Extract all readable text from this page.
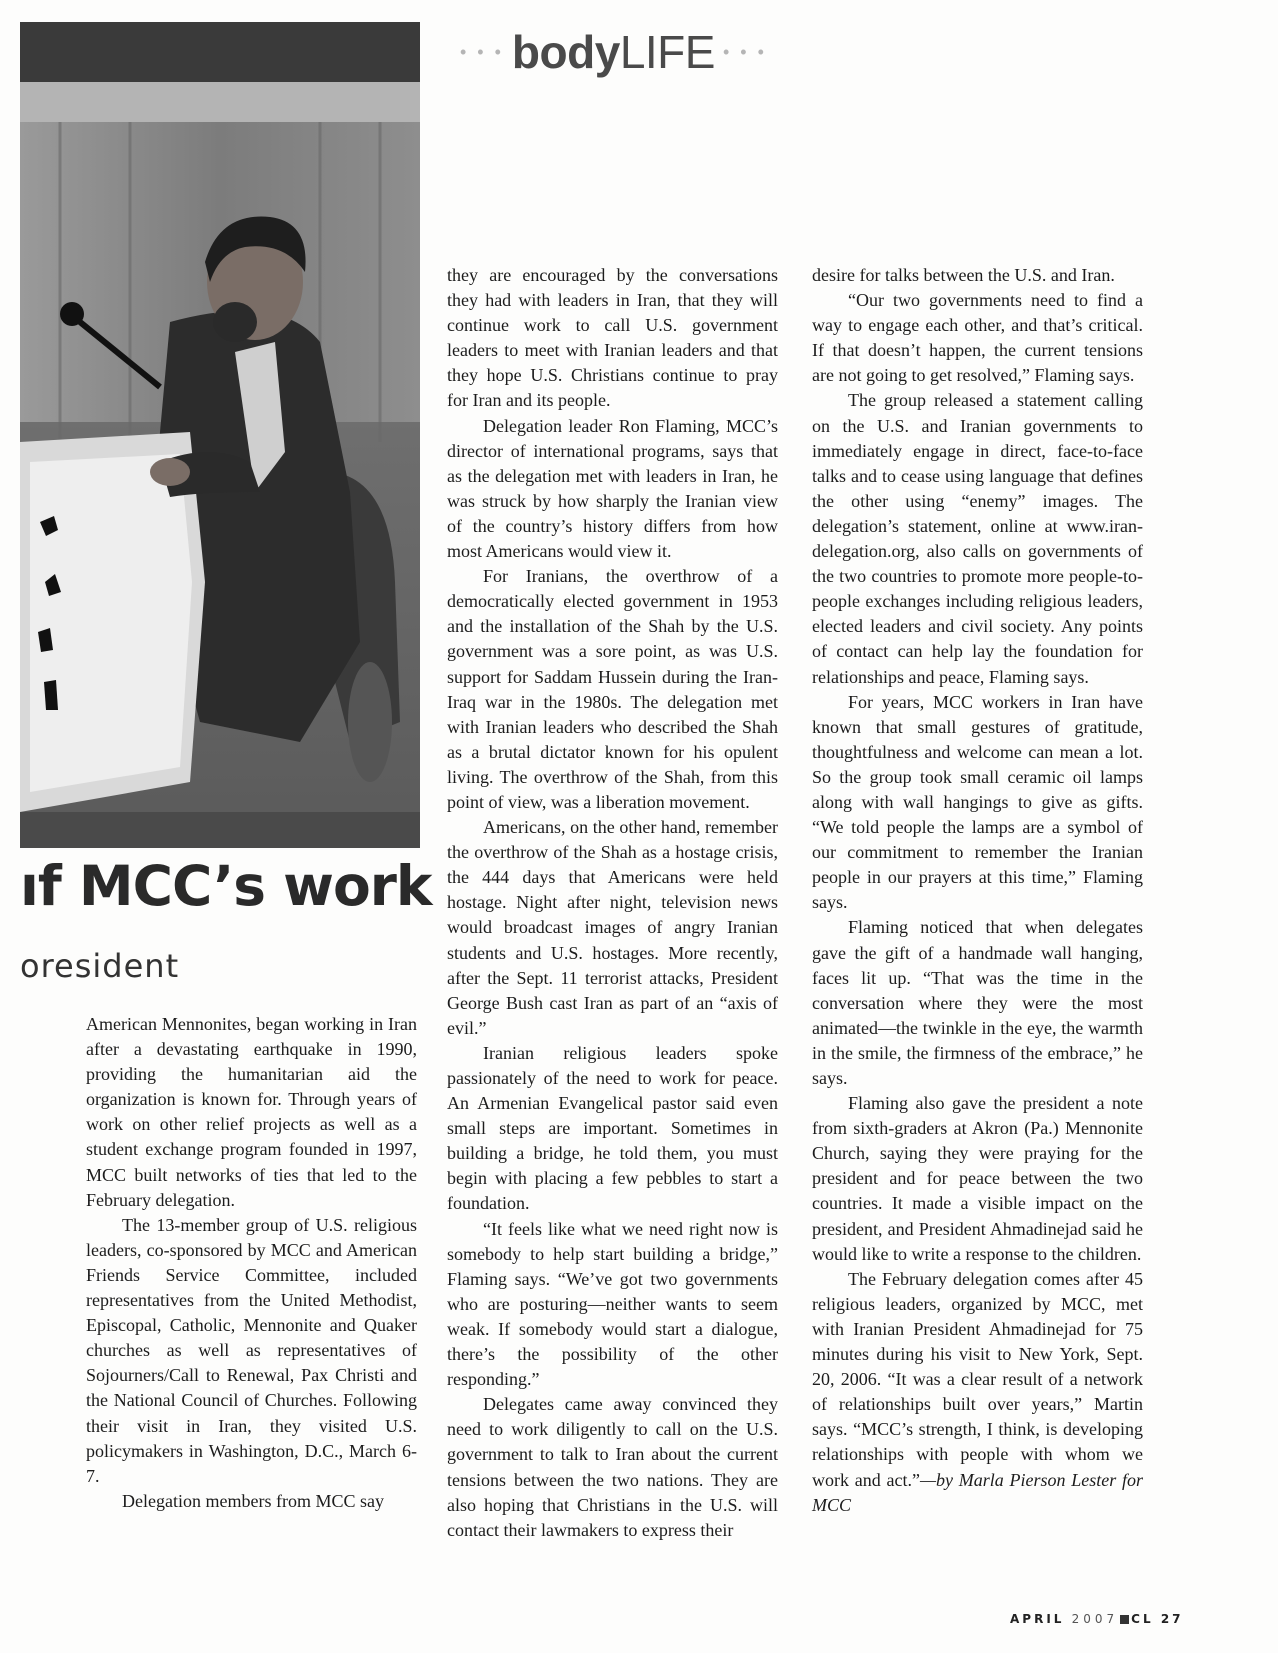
• • • body LIFE • • •
ıf MCC’s work
oresident

American Mennonites, began working in Iran after a devastating earthquake in 1990, providing the humanitarian aid the organization is known for. Through years of work on other relief projects as well as a student exchange program founded in 1997, MCC built networks of ties that led to the February delegation.

The 13-member group of U.S. religious leaders, co-sponsored by MCC and American Friends Service Committee, included representatives from the United Methodist, Episcopal, Catholic, Mennonite and Quaker churches as well as representatives of Sojourners/Call to Renewal, Pax Christi and the National Council of Churches. Following their visit in Iran, they visited U.S. policymakers in Washington, D.C., March 6-7.

Delegation members from MCC say

they are encouraged by the conversations they had with leaders in Iran, that they will continue work to call U.S. government leaders to meet with Iranian leaders and that they hope U.S. Christians continue to pray for Iran and its people.

Delegation leader Ron Flaming, MCC’s director of international programs, says that as the delegation met with leaders in Iran, he was struck by how sharply the Iranian view of the country’s history differs from how most Americans would view it.

For Iranians, the overthrow of a democratically elected government in 1953 and the installation of the Shah by the U.S. government was a sore point, as was U.S. support for Saddam Hussein during the Iran-Iraq war in the 1980s. The delegation met with Iranian leaders who described the Shah as a brutal dictator known for his opulent living. The overthrow of the Shah, from this point of view, was a liberation movement.

Americans, on the other hand, remember the overthrow of the Shah as a hostage crisis, the 444 days that Americans were held hostage. Night after night, television news would broadcast images of angry Iranian students and U.S. hostages. More recently, after the Sept. 11 terrorist attacks, President George Bush cast Iran as part of an “axis of evil.”

Iranian religious leaders spoke passionately of the need to work for peace. An Armenian Evangelical pastor said even small steps are important. Sometimes in building a bridge, he told them, you must begin with placing a few pebbles to start a foundation.

“It feels like what we need right now is somebody to help start building a bridge,” Flaming says. “We’ve got two governments who are posturing—neither wants to seem weak. If somebody would start a dialogue, there’s the possibility of the other responding.”

Delegates came away convinced they need to work diligently to call on the U.S. government to talk to Iran about the current tensions between the two nations. They are also hoping that Christians in the U.S. will contact their lawmakers to express their

desire for talks between the U.S. and Iran.

“Our two governments need to find a way to engage each other, and that’s critical. If that doesn’t happen, the current tensions are not going to get resolved,” Flaming says.

The group released a statement calling on the U.S. and Iranian governments to immediately engage in direct, face-to-face talks and to cease using language that defines the other using “enemy” images. The delegation’s statement, online at www.iran-delegation.org, also calls on governments of the two countries to promote more people-to-people exchanges including religious leaders, elected leaders and civil society. Any points of contact can help lay the foundation for relationships and peace, Flaming says.

For years, MCC workers in Iran have known that small gestures of gratitude, thoughtfulness and welcome can mean a lot. So the group took small ceramic oil lamps along with wall hangings to give as gifts. “We told people the lamps are a symbol of our commitment to remember the Iranian people in our prayers at this time,” Flaming says.

Flaming noticed that when delegates gave the gift of a handmade wall hanging, faces lit up. “That was the time in the conversation where they were the most animated—the twinkle in the eye, the warmth in the smile, the firmness of the embrace,” he says.

Flaming also gave the president a note from sixth-graders at Akron (Pa.) Mennonite Church, saying they were praying for the president and for peace between the two countries. It made a visible impact on the president, and President Ahmadinejad said he would like to write a response to the children.

The February delegation comes after 45 religious leaders, organized by MCC, met with Iranian President Ahmadinejad for 75 minutes during his visit to New York, Sept. 20, 2006. “It was a clear result of a network of relationships built over years,” Martin says. “MCC’s strength, I think, is developing relationships with people with whom we work and act.”—by Marla Pierson Lester for MCC

APRIL 2007 CL 27
